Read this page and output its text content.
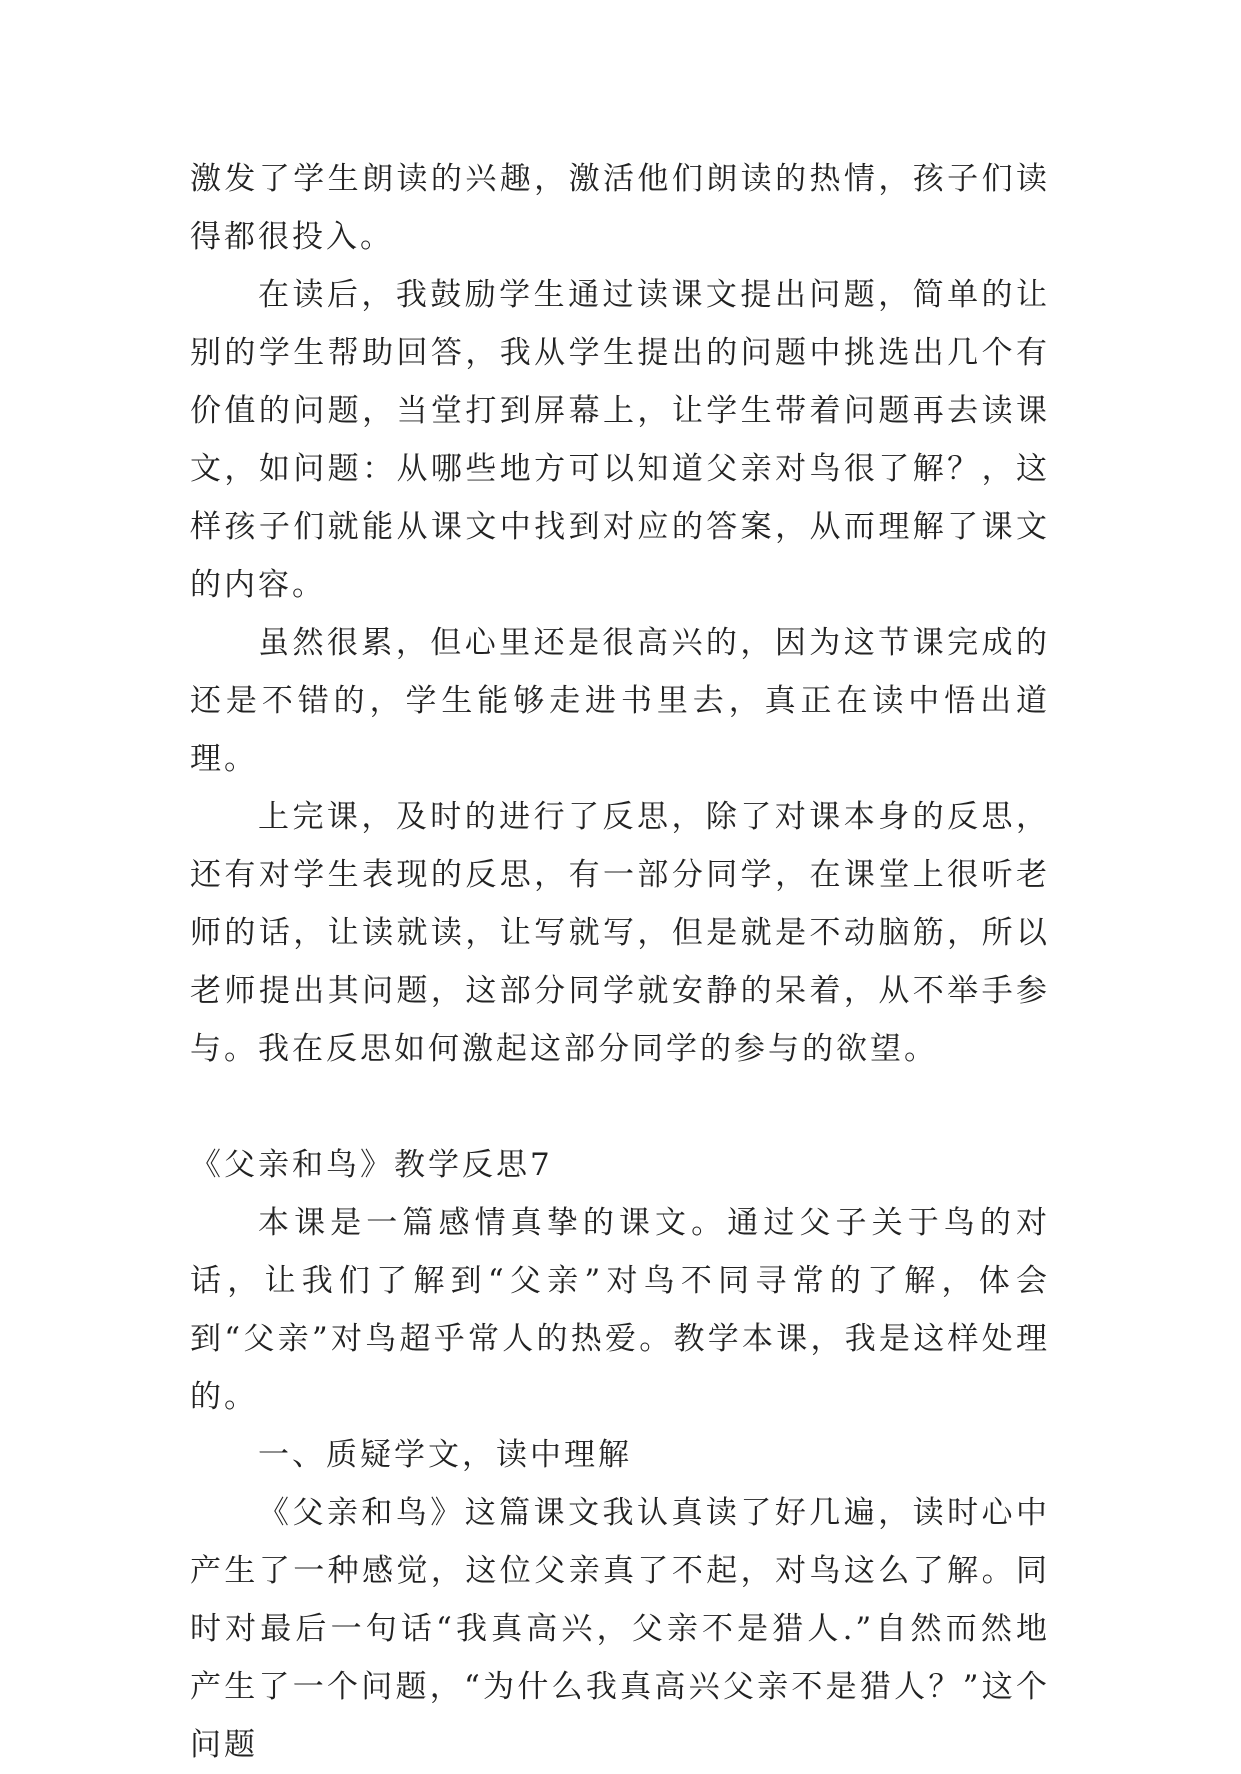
激发了学生朗读的兴趣，激活他们朗读的热情，孩子们读得都很投入。

在读后，我鼓励学生通过读课文提出问题，简单的让别的学生帮助回答，我从学生提出的问题中挑选出几个有价值的问题，当堂打到屏幕上，让学生带着问题再去读课文，如问题：从哪些地方可以知道父亲对鸟很了解？，这样孩子们就能从课文中找到对应的答案，从而理解了课文的内容。

虽然很累，但心里还是很高兴的，因为这节课完成的还是不错的，学生能够走进书里去，真正在读中悟出道理。

上完课，及时的进行了反思，除了对课本身的反思，还有对学生表现的反思，有一部分同学，在课堂上很听老师的话，让读就读，让写就写，但是就是不动脑筋，所以老师提出其问题，这部分同学就安静的呆着，从不举手参与。我在反思如何激起这部分同学的参与的欲望。

《父亲和鸟》教学反思7

本课是一篇感情真挚的课文。通过父子关于鸟的对话，让我们了解到“父亲”对鸟不同寻常的了解，体会到“父亲”对鸟超乎常人的热爱。教学本课，我是这样处理的。

一、质疑学文，读中理解

《父亲和鸟》这篇课文我认真读了好几遍，读时心中产生了一种感觉，这位父亲真了不起，对鸟这么了解。同时对最后一句话“我真高兴，父亲不是猎人.”自然而然地产生了一个问题，“为什么我真高兴父亲不是猎人？”这个问题
